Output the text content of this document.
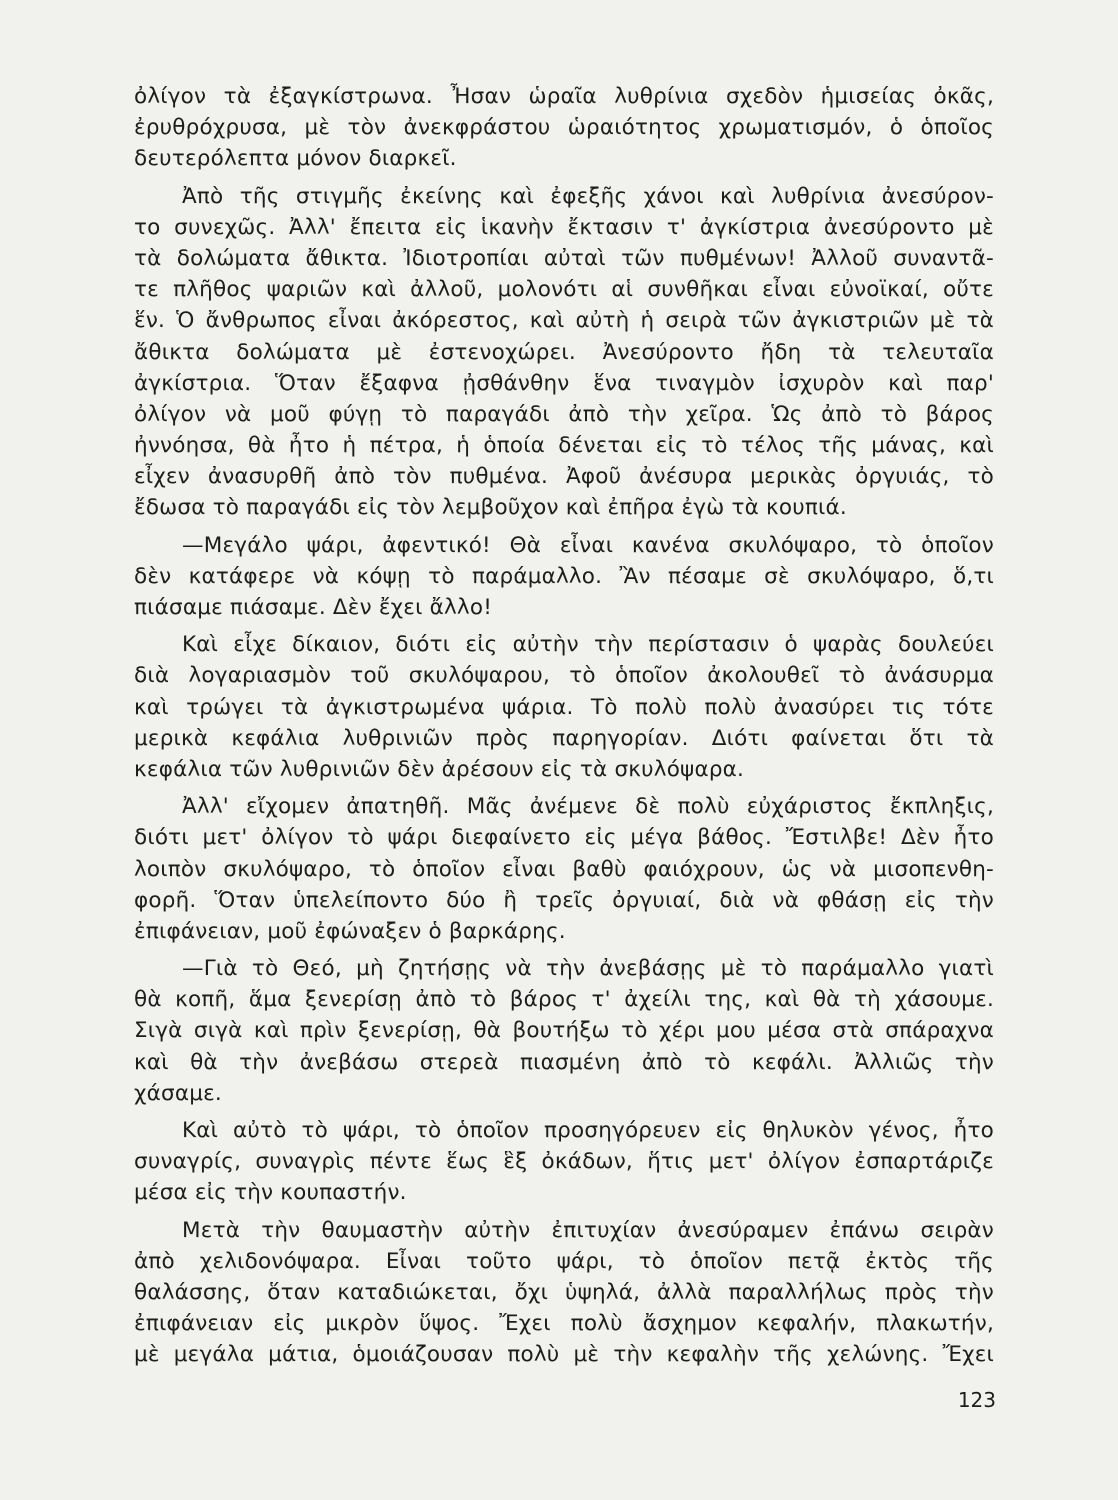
ὀλίγον τὰ ἐξαγκίστρωνα. Ἦσαν ὡραῖα λυθρίνια σχεδὸν ἡμισείας ὀκᾶς,
ἐρυθρόχρυσα, μὲ τὸν ἀνεκφράστου ὡραιότητος χρωματισμόν, ὁ ὁποῖος
δευτερόλεπτα μόνον διαρκεῖ.
Ἀπὸ τῆς στιγμῆς ἐκείνης καὶ ἐφεξῆς χάνοι καὶ λυθρίνια ἀνεσύρον-
το συνεχῶς. Ἀλλ' ἔπειτα εἰς ἱκανὴν ἔκτασιν τ' ἀγκίστρια ἀνεσύροντο μὲ
τὰ δολώματα ἄθικτα. Ἰδιοτροπίαι αὐταὶ τῶν πυθμένων! Ἀλλοῦ συναντᾶ-
τε πλῆθος ψαριῶν καὶ ἀλλοῦ, μολονότι αἱ συνθῆκαι εἶναι εὐνοϊκαί, οὔτε
ἕν. Ὁ ἄνθρωπος εἶναι ἀκόρεστος, καὶ αὐτὴ ἡ σειρὰ τῶν ἀγκιστριῶν μὲ τὰ
ἄθικτα δολώματα μὲ ἐστενοχώρει. Ἀνεσύροντο ἤδη τὰ τελευταῖα
ἀγκίστρια. Ὅταν ἔξαφνα ᾐσθάνθην ἕνα τιναγμὸν ἰσχυρὸν καὶ παρ'
ὀλίγον νὰ μοῦ φύγῃ τὸ παραγάδι ἀπὸ τὴν χεῖρα. Ὡς ἀπὸ τὸ βάρος
ἠννόησα, θὰ ἦτο ἡ πέτρα, ἡ ὁποία δένεται εἰς τὸ τέλος τῆς μάνας, καὶ
εἶχεν ἀνασυρθῆ ἀπὸ τὸν πυθμένα. Ἀφοῦ ἀνέσυρα μερικὰς ὀργυιάς, τὸ
ἔδωσα τὸ παραγάδι εἰς τὸν λεμβοῦχον καὶ ἐπῆρα ἐγὼ τὰ κουπιά.
—Μεγάλο ψάρι, ἀφεντικό! Θὰ εἶναι κανένα σκυλόψαρο, τὸ ὁποῖον
δὲν κατάφερε νὰ κόψῃ τὸ παράμαλλο. Ἂν πέσαμε σὲ σκυλόψαρο, ὅ,τι
πιάσαμε πιάσαμε. Δὲν ἔχει ἄλλο!
Καὶ εἶχε δίκαιον, διότι εἰς αὐτὴν τὴν περίστασιν ὁ ψαρὰς δουλεύει
διὰ λογαριασμὸν τοῦ σκυλόψαρου, τὸ ὁποῖον ἀκολουθεῖ τὸ ἀνάσυρμα
καὶ τρώγει τὰ ἀγκιστρωμένα ψάρια. Τὸ πολὺ πολὺ ἀνασύρει τις τότε
μερικὰ κεφάλια λυθρινιῶν πρὸς παρηγορίαν. Διότι φαίνεται ὅτι τὰ
κεφάλια τῶν λυθρινιῶν δὲν ἀρέσουν εἰς τὰ σκυλόψαρα.
Ἀλλ' εἴχομεν ἀπατηθῆ. Μᾶς ἀνέμενε δὲ πολὺ εὐχάριστος ἔκπληξις,
διότι μετ' ὀλίγον τὸ ψάρι διεφαίνετο εἰς μέγα βάθος. Ἔστιλβε! Δὲν ἦτο
λοιπὸν σκυλόψαρο, τὸ ὁποῖον εἶναι βαθὺ φαιόχρουν, ὡς νὰ μισοπενθη-
φορῆ. Ὅταν ὑπελείποντο δύο ἢ τρεῖς ὀργυιαί, διὰ νὰ φθάσῃ εἰς τὴν
ἐπιφάνειαν, μοῦ ἐφώναξεν ὁ βαρκάρης.
—Γιὰ τὸ Θεό, μὴ ζητήσῃς νὰ τὴν ἀνεβάσῃς μὲ τὸ παράμαλλο γιατὶ
θὰ κοπῆ, ἅμα ξενερίσῃ ἀπὸ τὸ βάρος τ' ἀχείλι της, καὶ θὰ τὴ χάσουμε.
Σιγὰ σιγὰ καὶ πρὶν ξενερίσῃ, θὰ βουτήξω τὸ χέρι μου μέσα στὰ σπάραχνα
καὶ θὰ τὴν ἀνεβάσω στερεὰ πιασμένη ἀπὸ τὸ κεφάλι. Ἀλλιῶς τὴν
χάσαμε.
Καὶ αὐτὸ τὸ ψάρι, τὸ ὁποῖον προσηγόρευεν εἰς θηλυκὸν γένος, ἦτο
συναγρίς, συναγρὶς πέντε ἕως ἓξ ὀκάδων, ἥτις μετ' ὀλίγον ἐσπαρτάριζε
μέσα εἰς τὴν κουπαστήν.
Μετὰ τὴν θαυμαστὴν αὐτὴν ἐπιτυχίαν ἀνεσύραμεν ἐπάνω σειρὰν
ἀπὸ χελιδονόψαρα. Εἶναι τοῦτο ψάρι, τὸ ὁποῖον πετᾷ ἐκτὸς τῆς
θαλάσσης, ὅταν καταδιώκεται, ὄχι ὑψηλά, ἀλλὰ παραλλήλως πρὸς τὴν
ἐπιφάνειαν εἰς μικρὸν ὕψος. Ἔχει πολὺ ἄσχημον κεφαλήν, πλακωτήν,
μὲ μεγάλα μάτια, ὁμοιάζουσαν πολὺ μὲ τὴν κεφαλὴν τῆς χελώνης. Ἔχει
123
